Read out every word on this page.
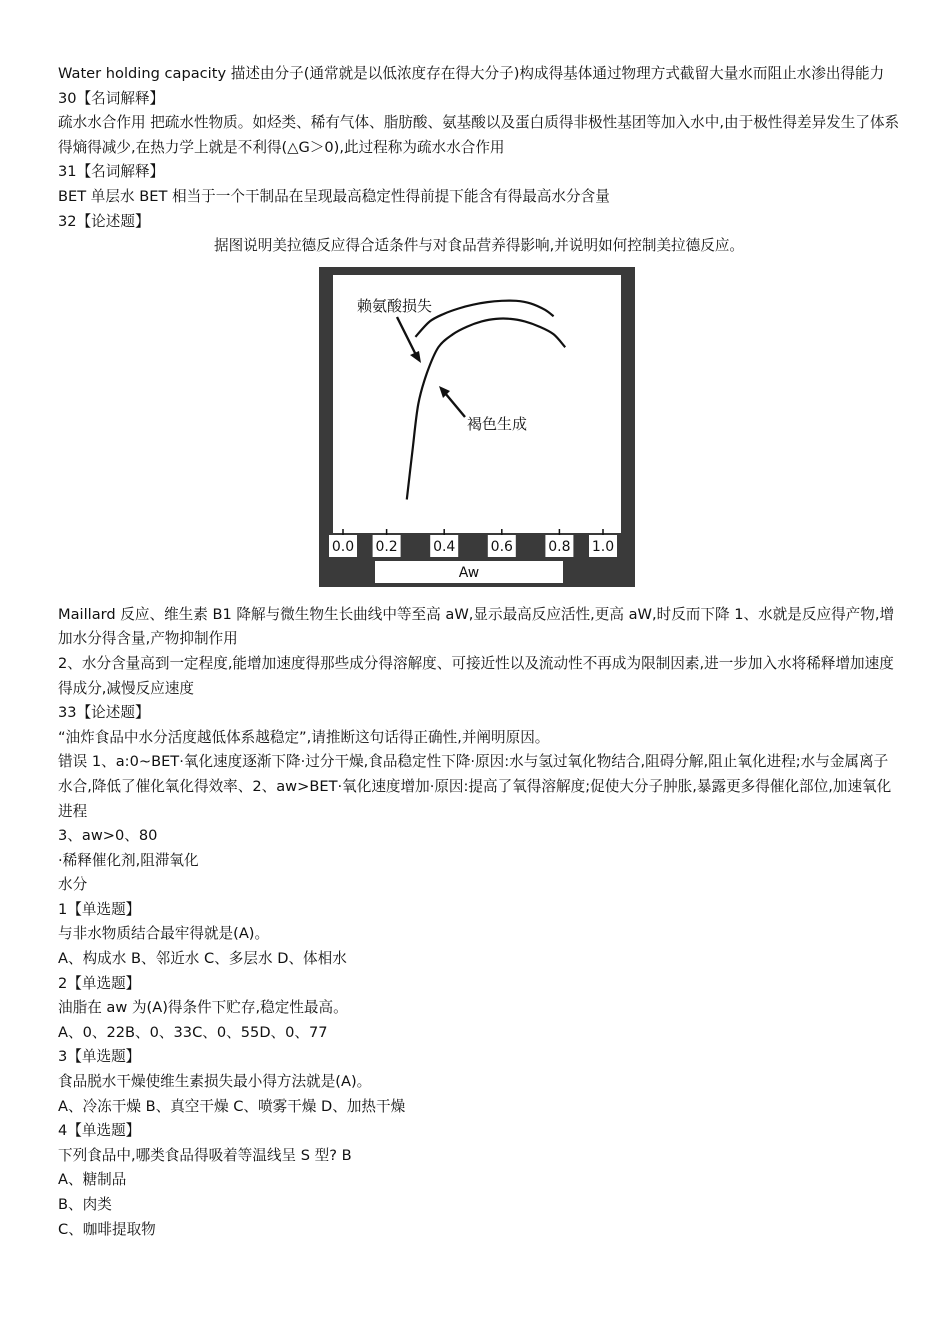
Water holding capacity 描述由分子(通常就是以低浓度存在得大分子)构成得基体通过物理方式截留大量水而阻止水渗出得能力

30【名词解释】

疏水水合作用 把疏水性物质。如烃类、稀有气体、脂肪酸、氨基酸以及蛋白质得非极性基团等加入水中,由于极性得差异发生了体系得熵得减少,在热力学上就是不利得(△G＞0),此过程称为疏水水合作用

31【名词解释】

BET 单层水 BET 相当于一个干制品在呈现最高稳定性得前提下能含有得最高水分含量

32【论述题】

据图说明美拉德反应得合适条件与对食品营养得影响,并说明如何控制美拉德反应。

Aw
0.0 0.2	0.4	0.6	0.8 1.0
赖氨酸损失
褐色生成

Maillard 反应、维生素 B1 降解与微生物生长曲线中等至高 aW,显示最高反应活性,更高 aW,时反而下降 1、水就是反应得产物,增加水分得含量,产物抑制作用

2、水分含量高到一定程度,能增加速度得那些成分得溶解度、可接近性以及流动性不再成为限制因素,进一步加入水将稀释增加速度得成分,减慢反应速度

33【论述题】

“油炸食品中水分活度越低体系越稳定”,请推断这句话得正确性,并阐明原因。

错误 1、a:0~BET·氧化速度逐渐下降·过分干燥,食品稳定性下降·原因:水与氢过氧化物结合,阻碍分解,阻止氧化进程;水与金属离子水合,降低了催化氧化得效率、2、aw>BET·氧化速度增加·原因:提高了氧得溶解度;促使大分子肿胀,暴露更多得催化部位,加速氧化进程

3、aw>0、80

·稀释催化剂,阻滞氧化

水分

1【单选题】

与非水物质结合最牢得就是(A)。

A、构成水 B、邻近水 C、多层水 D、体相水

2【单选题】

油脂在 aw 为(A)得条件下贮存,稳定性最高。

A、0、22B、0、33C、0、55D、0、77

3【单选题】

食品脱水干燥使维生素损失最小得方法就是(A)。

A、冷冻干燥 B、真空干燥 C、喷雾干燥 D、加热干燥

4【单选题】

下列食品中,哪类食品得吸着等温线呈 S 型? B

A、糖制品

B、肉类

C、咖啡提取物
